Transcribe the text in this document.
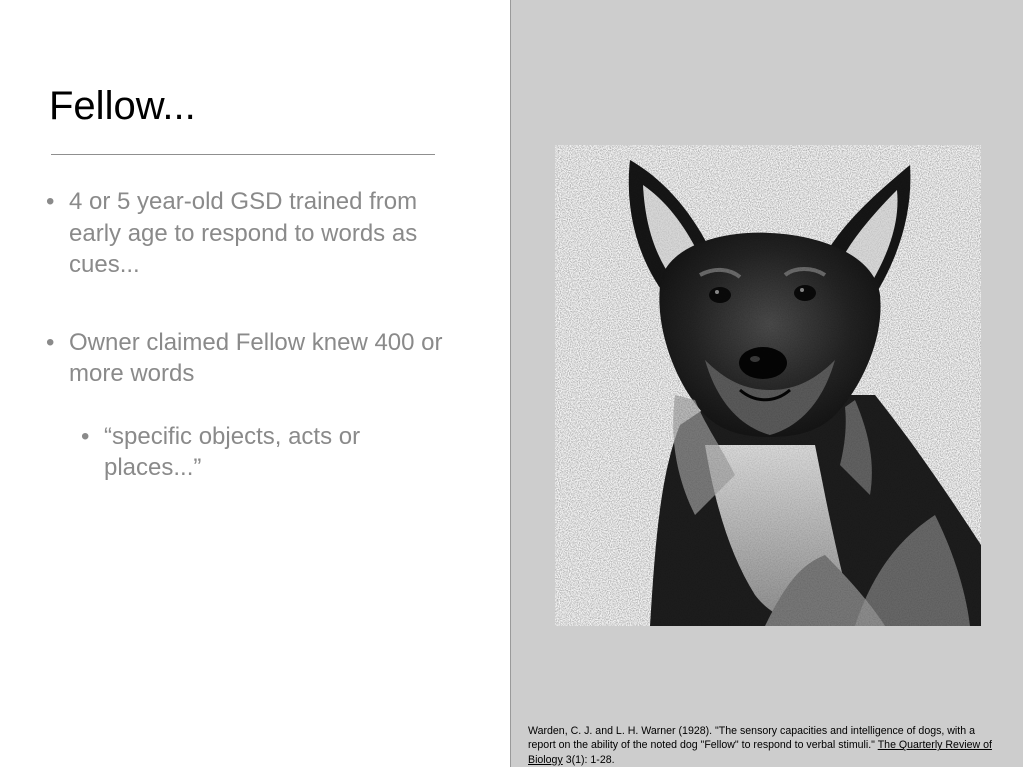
Fellow...
• 4 or 5 year-old GSD trained from early age to respond to words as cues...
• Owner claimed Fellow knew 400 or more words
• “specific objects, acts or places...”
Warden, C. J. and L. H. Warner (1928). "The sensory capacities and intelligence of dogs, with a report on the ability of the noted dog "Fellow" to respond to verbal stimuli." The Quarterly Review of Biology 3(1): 1-28.
